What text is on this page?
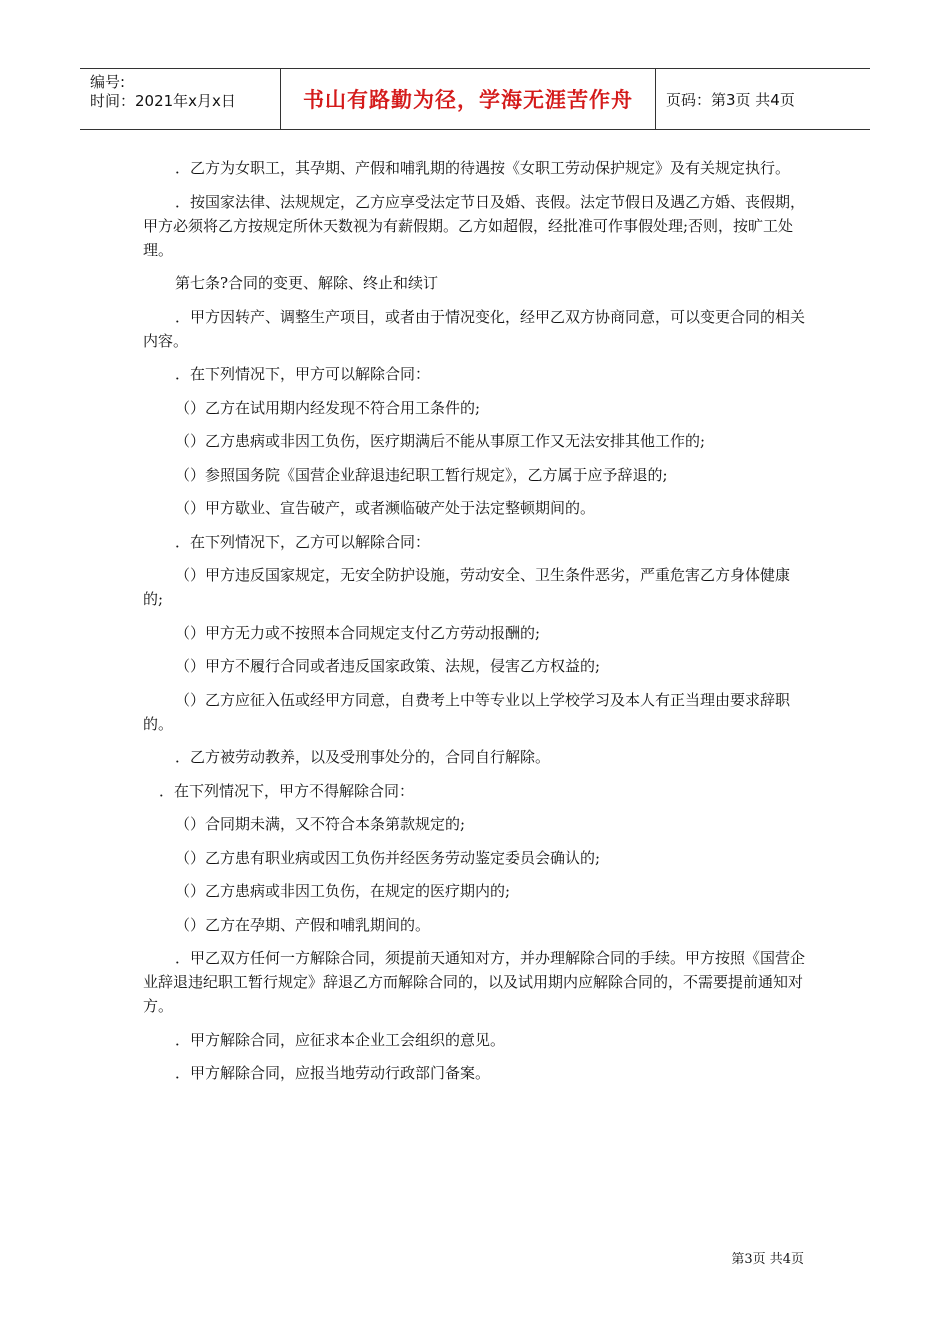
编号:
时间：2021年x月x日	书山有路勤为径，学海无涯苦作舟	页码：第3页 共4页

．乙方为女职工，其孕期、产假和哺乳期的待遇按《女职工劳动保护规定》及有关规定执行。

．按国家法律、法规规定，乙方应享受法定节日及婚、丧假。法定节假日及遇乙方婚、丧假期，甲方必须将乙方按规定所休天数视为有薪假期。乙方如超假，经批准可作事假处理;否则，按旷工处理。

第七条?合同的变更、解除、终止和续订

．甲方因转产、调整生产项目，或者由于情况变化，经甲乙双方协商同意，可以变更合同的相关内容。

．在下列情况下，甲方可以解除合同：

（）乙方在试用期内经发现不符合用工条件的;

（）乙方患病或非因工负伤，医疗期满后不能从事原工作又无法安排其他工作的;

（）参照国务院《国营企业辞退违纪职工暂行规定》，乙方属于应予辞退的;

（）甲方歇业、宣告破产，或者濒临破产处于法定整顿期间的。

．在下列情况下，乙方可以解除合同：

（）甲方违反国家规定，无安全防护设施，劳动安全、卫生条件恶劣，严重危害乙方身体健康的;

（）甲方无力或不按照本合同规定支付乙方劳动报酬的;

（）甲方不履行合同或者违反国家政策、法规，侵害乙方权益的;

（）乙方应征入伍或经甲方同意，自费考上中等专业以上学校学习及本人有正当理由要求辞职的。

．乙方被劳动教养，以及受刑事处分的，合同自行解除。

．在下列情况下，甲方不得解除合同：

（）合同期未满，又不符合本条第款规定的;

（）乙方患有职业病或因工负伤并经医务劳动鉴定委员会确认的;

（）乙方患病或非因工负伤，在规定的医疗期内的;

（）乙方在孕期、产假和哺乳期间的。

．甲乙双方任何一方解除合同，须提前天通知对方，并办理解除合同的手续。甲方按照《国营企业辞退违纪职工暂行规定》辞退乙方而解除合同的，以及试用期内应解除合同的，不需要提前通知对方。

．甲方解除合同，应征求本企业工会组织的意见。

．甲方解除合同，应报当地劳动行政部门备案。

第3页 共4页
